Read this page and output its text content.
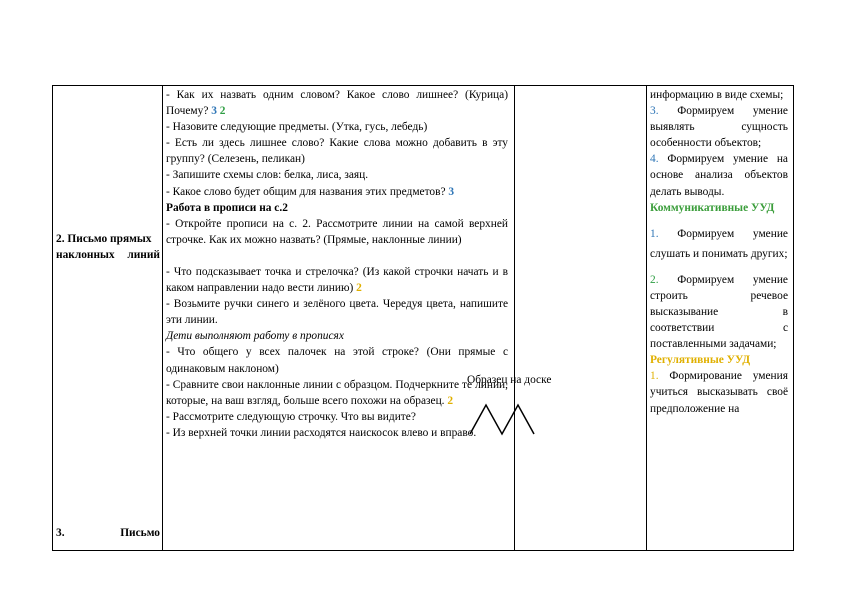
2. Письмо прямых наклонных линий

3.	Письмо

- Как их назвать одним словом? Какое слово лишнее? (Курица) Почему? 3 2

- Назовите следующие предметы. (Утка, гусь, лебедь)

- Есть ли здесь лишнее слово? Какие слова можно добавить в эту группу? (Селезень, пеликан)

- Запишите схемы слов: белка, лиса, заяц.

- Какое слово будет общим для названия этих предметов? 3

Работа в прописи на с.2

- Откройте прописи на с. 2. Рассмотрите линии на самой верхней строчке. Как их можно назвать? (Прямые, наклонные линии)

- Что подсказывает точка и стрелочка? (Из какой строчки начать и в каком направлении надо вести линию) 2

- Возьмите ручки синего и зелёного цвета. Чередуя цвета, напишите эти линии.

Дети выполняют работу в прописях

- Что общего у всех палочек на этой строке? (Они прямые с одинаковым наклоном)

- Сравните свои наклонные линии с образцом. Подчеркните те линии, которые, на ваш взгляд, больше всего похожи на образец. 2

- Рассмотрите следующую строчку. Что вы видите?

- Из верхней точки линии расходятся наискосок влево и вправо.

информацию в виде схемы;

3. Формируем умение выявлять сущность особенности объектов;

4. Формируем умение на основе анализа объектов делать выводы.

Коммуникативные УУД

1. Формируем умение слушать и понимать других;

2. Формируем умение строить речевое высказывание в соответствии с поставленными задачами;

Регулятивные УУД

1. Формирование умения учиться высказывать своё предположение на

Образец на доске
